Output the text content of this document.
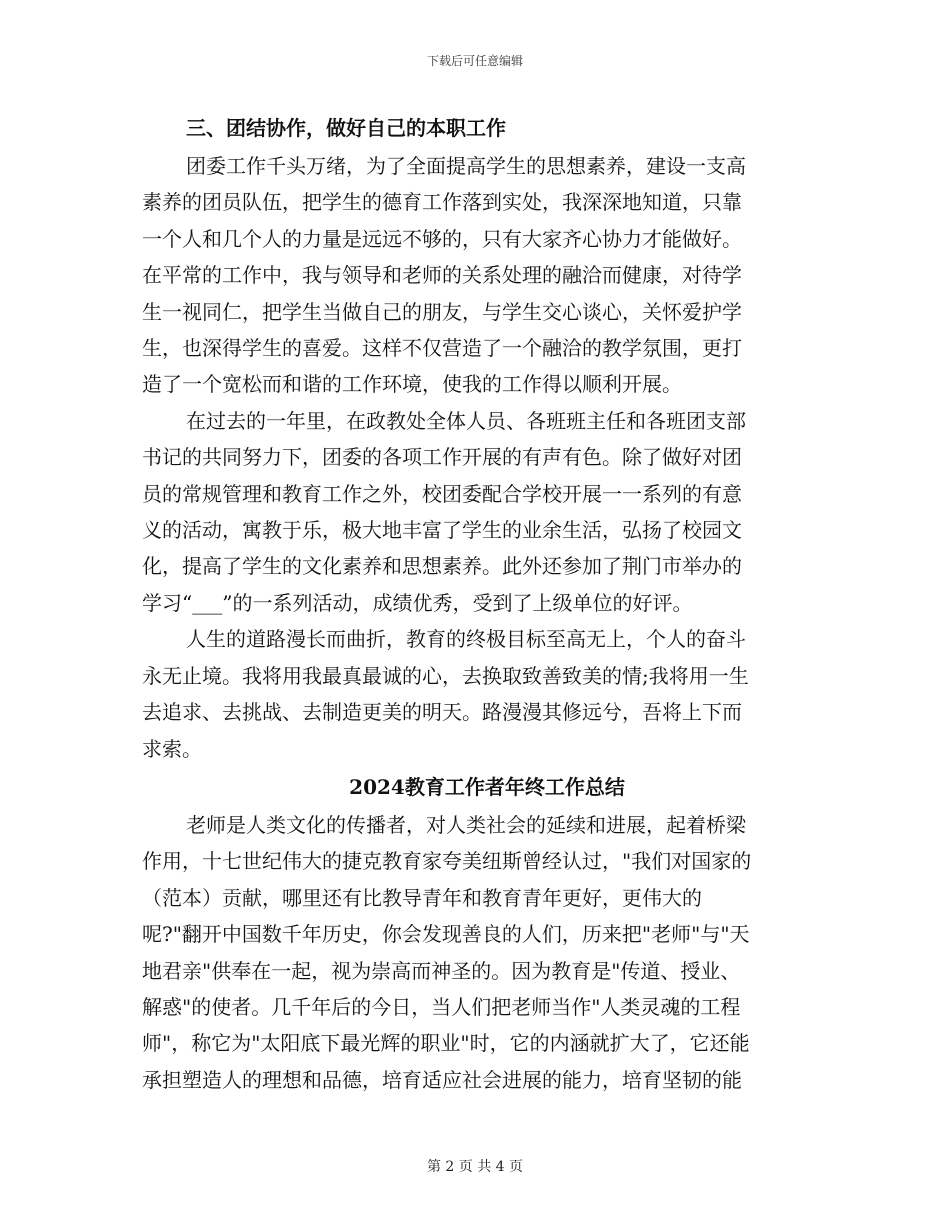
下载后可任意编辑
三、团结协作，做好自己的本职工作

团委工作千头万绪，为了全面提高学生的思想素养，建设一支高
素养的团员队伍，把学生的德育工作落到实处，我深深地知道，只靠
一个人和几个人的力量是远远不够的，只有大家齐心协力才能做好。
在平常的工作中，我与领导和老师的关系处理的融洽而健康，对待学
生一视同仁，把学生当做自己的朋友，与学生交心谈心，关怀爱护学
生，也深得学生的喜爱。这样不仅营造了一个融洽的教学氛围，更打
造了一个宽松而和谐的工作环境，使我的工作得以顺利开展。

在过去的一年里，在政教处全体人员、各班班主任和各班团支部
书记的共同努力下，团委的各项工作开展的有声有色。除了做好对团
员的常规管理和教育工作之外，校团委配合学校开展一一系列的有意
义的活动，寓教于乐，极大地丰富了学生的业余生活，弘扬了校园文
化，提高了学生的文化素养和思想素养。此外还参加了荆门市举办的
学习“___”的一系列活动，成绩优秀，受到了上级单位的好评。

人生的道路漫长而曲折，教育的终极目标至高无上，个人的奋斗
永无止境。我将用我最真最诚的心，去换取致善致美的情;我将用一生
去追求、去挑战、去制造更美的明天。路漫漫其修远兮，吾将上下而
求索。

2024教育工作者年终工作总结

老师是人类文化的传播者，对人类社会的延续和进展，起着桥梁
作用，十七世纪伟大的捷克教育家夸美纽斯曾经认过，"我们对国家的
（范本）贡献，哪里还有比教导青年和教育青年更好，更伟大的
呢?"翻开中国数千年历史，你会发现善良的人们，历来把"老师"与"天
地君亲"供奉在一起，视为崇高而神圣的。因为教育是"传道、授业、
解惑"的使者。几千年后的今日，当人们把老师当作"人类灵魂的工程
师"，称它为"太阳底下最光辉的职业"时，它的内涵就扩大了，它还能
承担塑造人的理想和品德，培育适应社会进展的能力，培育坚韧的能

第 2 页 共 4 页
